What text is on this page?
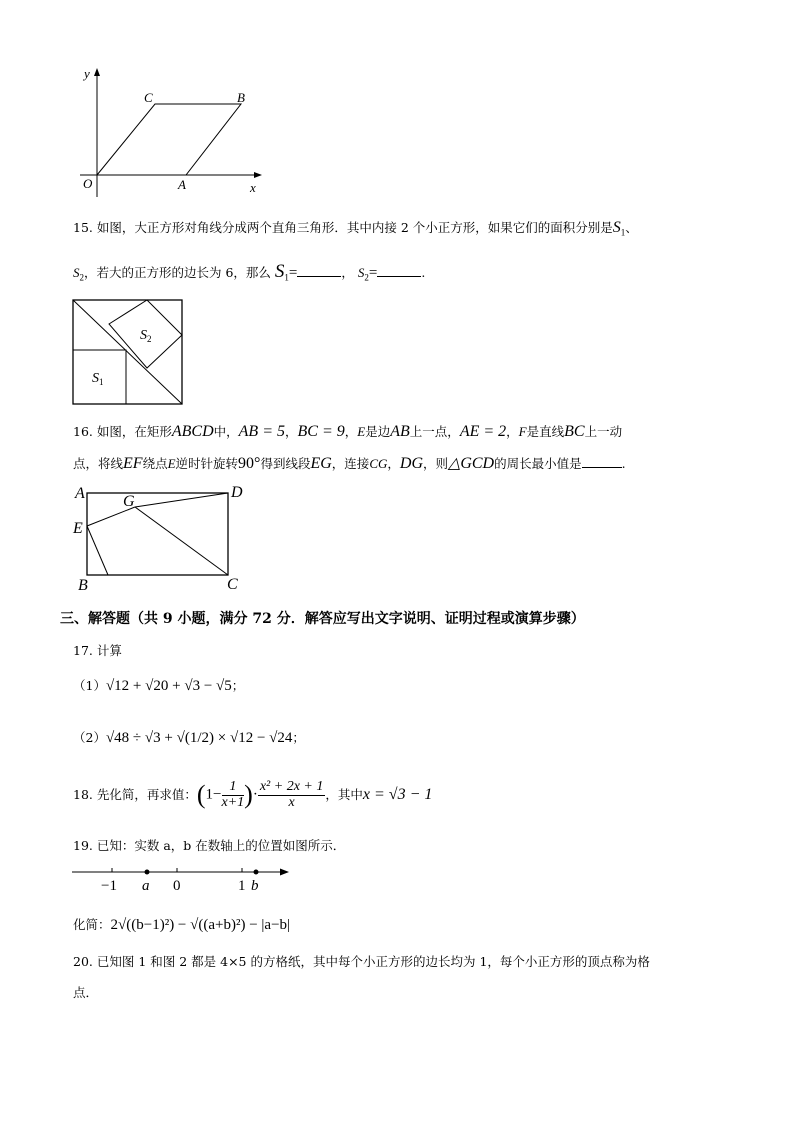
y
x
O	A
B
C
15. 如图，大正方形对角线分成两个直角三角形．其中内接 2 个小正方形，如果它们的面积分别是$S_1$、
$S_2$，若大的正方形的边长为 6，那么 $S_1=$	， $S_2=$	.
$S_2$
$S_1$
16. 如图，在矩形ABCD中，AB = 5，BC = 9，E是边AB上一点，AE = 2，F是直线BC上一动
点，将线EF绕点E逆时针旋转90°得到线段EG，连接CG，DG，则△GCD的周长最小值是	.
A	D
G
E
B	C
三、解答题（共 9 小题，满分 72 分．解答应写出文字说明、证明过程或演算步骤）
17. 计算
（1）√12 + √20 + √3 − √5；
（2）√48 ÷ √3 + √(1/2) × √12 − √24；
18. 先化简，再求值：($1- \frac{1}{x+1}$ )· $\frac{\text{x² + 2x + 1}}{x}$ ，其中x = √3 − 1
19. 已知：实数 a，b 在数轴上的位置如图所示．
−1 a 0	1 b
化简：2√((b−1)²) − √((a+b)²) − |a−b|
20. 已知图 1 和图 2 都是 4×5 的方格纸，其中每个小正方形的边长均为 1，每个小正方形的顶点称为格
点．
